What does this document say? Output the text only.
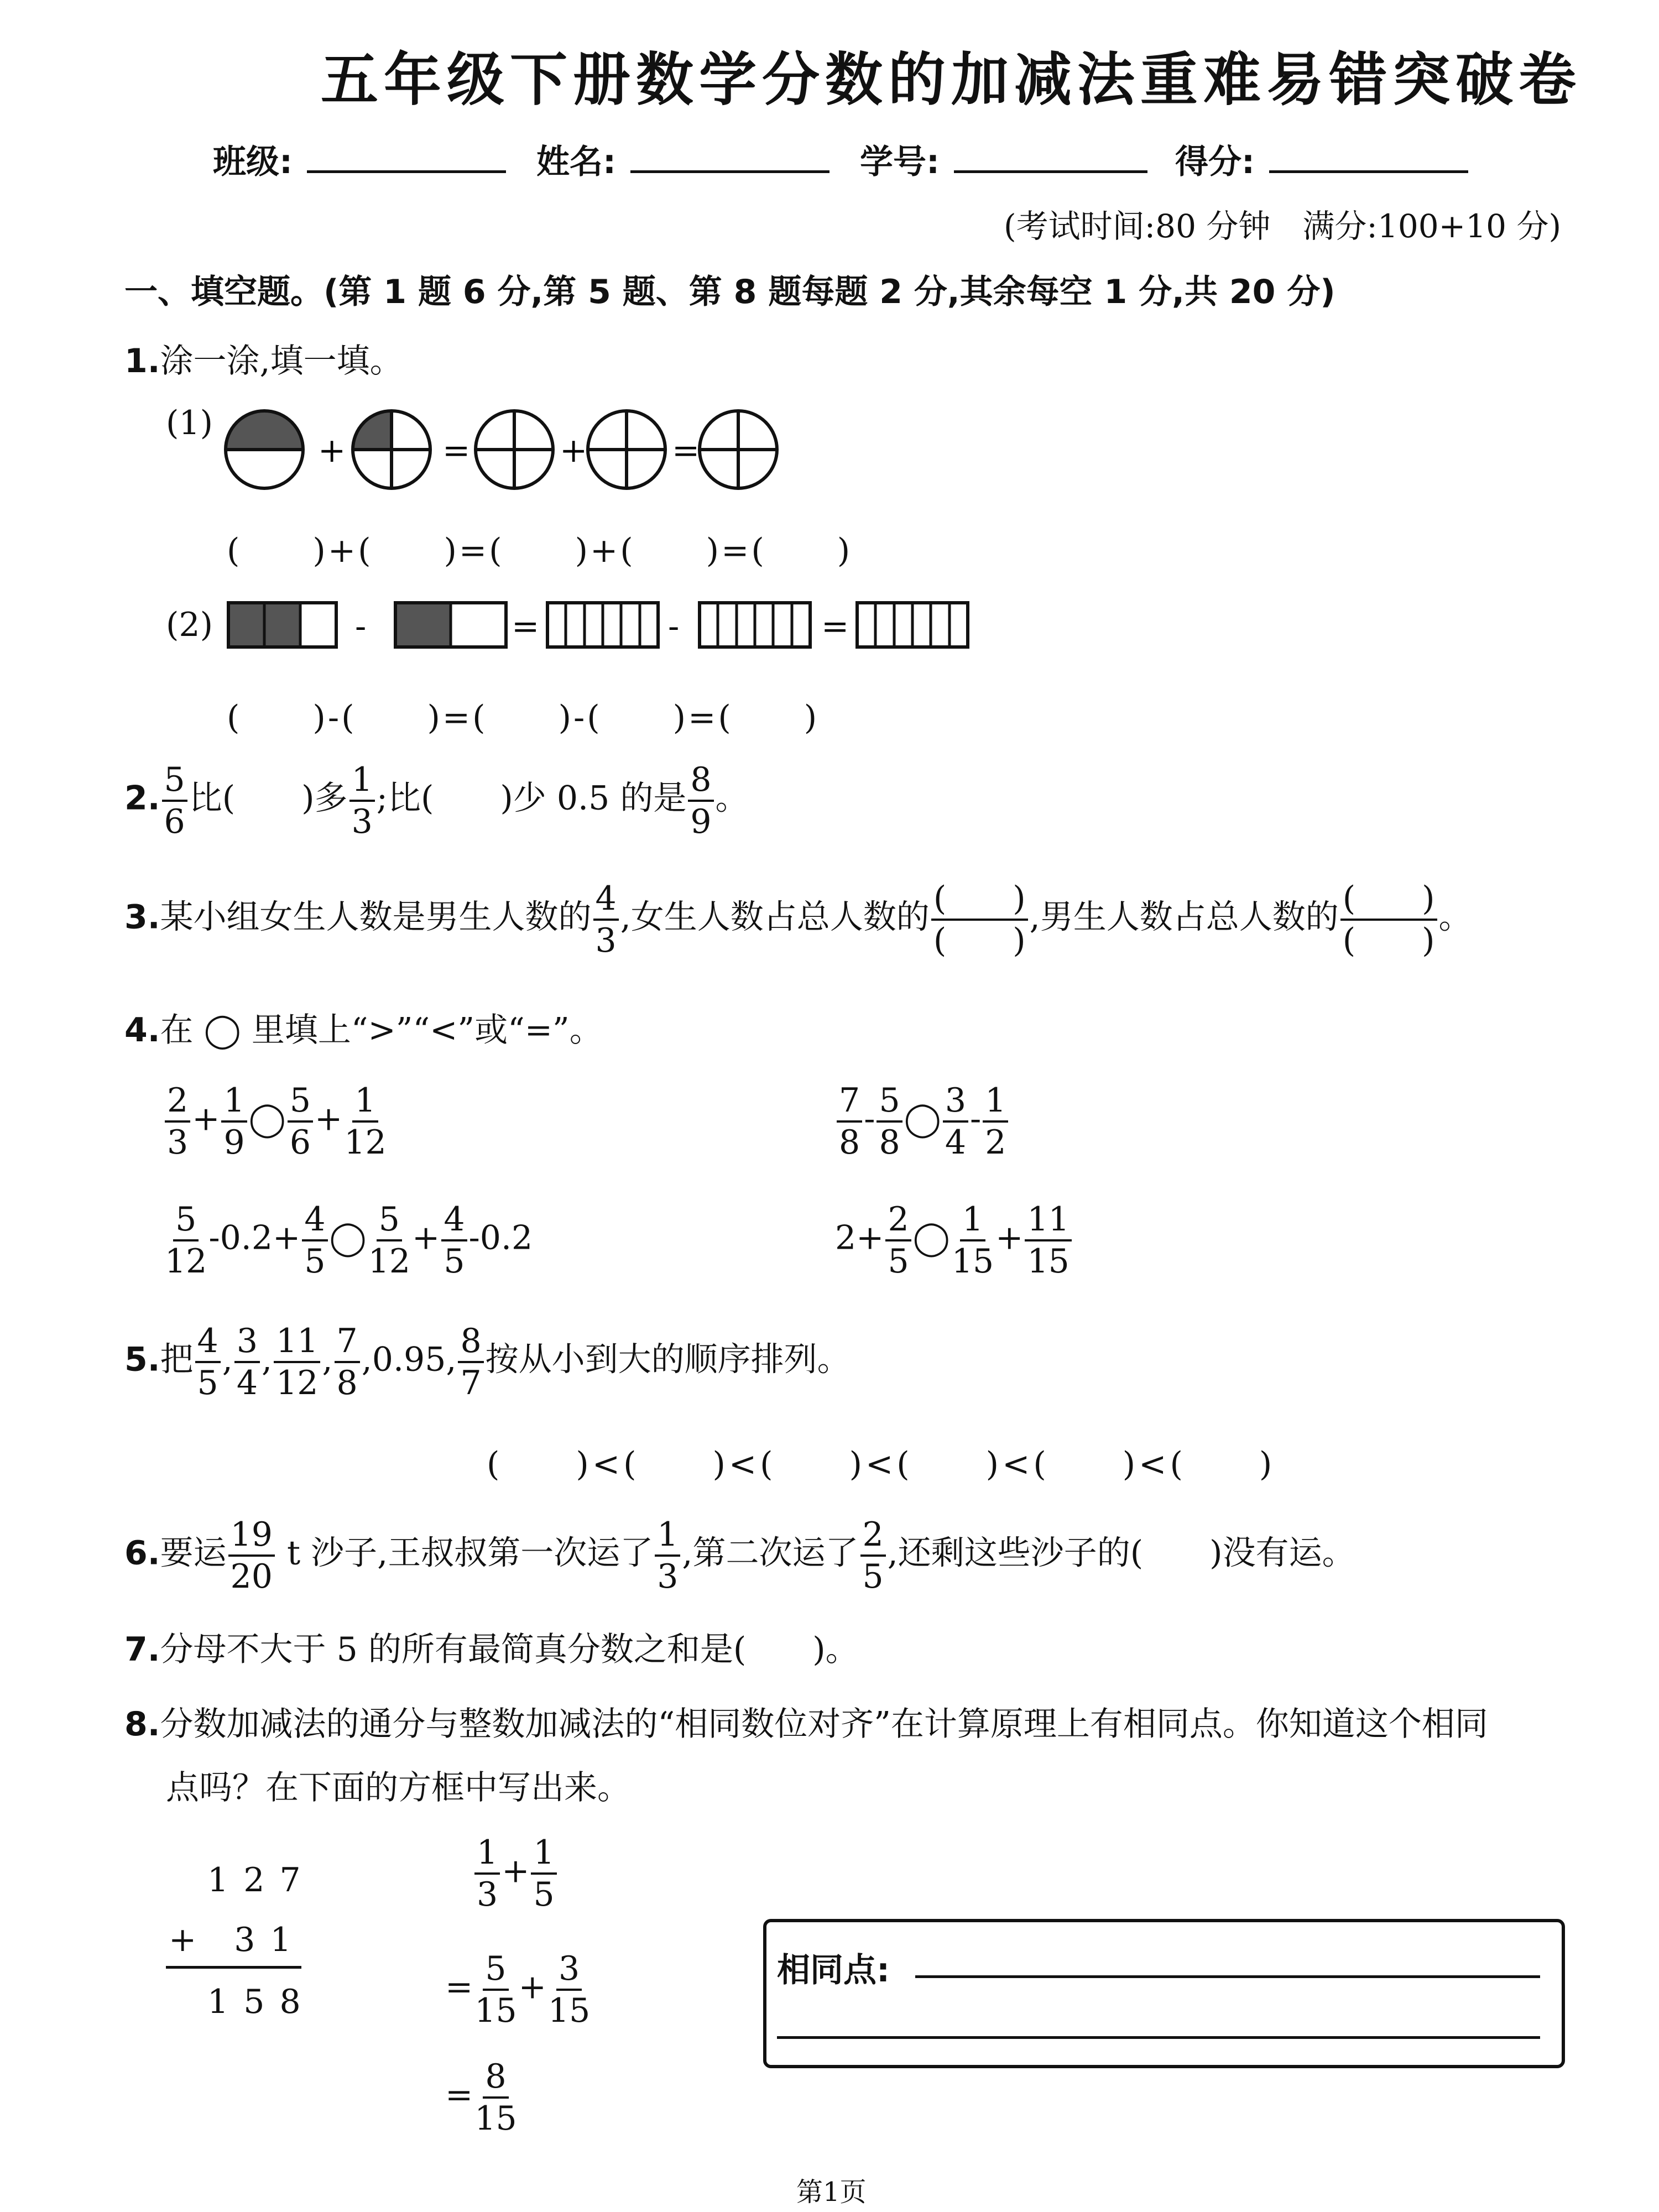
五年级下册数学分数的加减法重难易错突破卷
班级:	姓名:	学号:	得分:
(考试时间:80 分钟　满分:100+10 分)
一、填空题。(第 1 题 6 分,第 5 题、第 8 题每题 2 分,其余每空 1 分,共 20 分)
1.涂一涂,填一填。
(1)
+	=	+	=
(　　)+(　　)=(　　)+(　　)=(　　)
(2)	-	=	-	=
(　　)-(　　)=(　　)-(　　)=(　　)
2. $\frac{5}{6}$ 比(　　)多 $\frac{1}{3}$ ;比(　　)少 0.5 的是 $\frac{8}{9}$ 。
3.某小组女生人数是男生人数的 $\frac{4}{3}$ ,女生人数占总人数的 $\frac{( )}{( )}$ ,男生人数占总人数的 $\frac{( )}{( )}$ 。
4.在 ◯ 里填上“>”“<”或“=”。
$\frac{2}{3} + \frac{1}{9}$ ◯ $\frac{5}{6} + \frac{1}{12}$	$\frac{7}{8} - \frac{5}{8}$ ◯ $\frac{3}{4} - \frac{1}{2}$
$\frac{5}{12} -0.2+ \frac{4}{5}$ ◯ $\frac{5}{12} + \frac{4}{5} -0.2$	$2+ \frac{2}{5}$ ◯ $\frac{1}{15} + \frac{11}{15}$
5.把 $\frac{4}{5}$ , $\frac{3}{4}$ , $\frac{11}{12}$ , $\frac{7}{8} ,0.95$, $\frac{8}{7}$ 按从小到大的顺序排列。
(　　)<(　　)<(　　)<(　　)<(　　)<(　　)
6.要运 $\frac{19}{20}$ t 沙子,王叔叔第一次运了 $\frac{1}{3}$ ,第二次运了 $\frac{2}{5}$ ,还剩这些沙子的(　　)没有运。
7.分母不大于 5 的所有最简真分数之和是(　　)。
8.分数加减法的通分与整数加减法的“相同数位对齐”在计算原理上有相同点。你知道这个相同
点吗？在下面的方框中写出来。
1 2 7
+　3 1
1 5 8
$\frac{1}{3} + \frac{1}{5}$
= $\frac{5}{15} + \frac{3}{15}$
= $\frac{8}{15}$
相同点:
第1页
